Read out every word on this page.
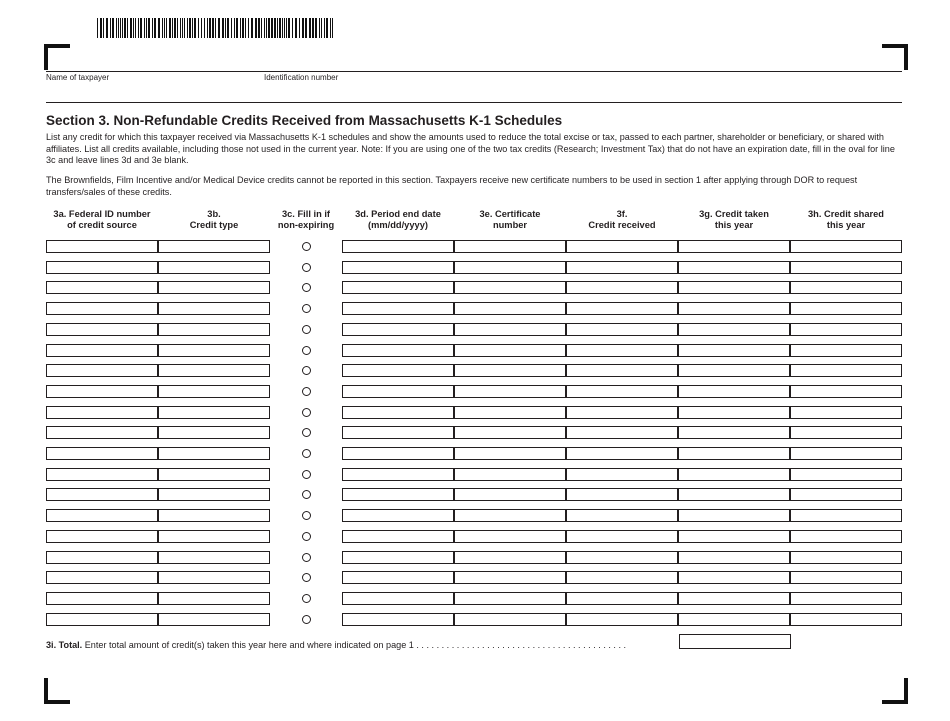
Name of taxpayer	Identification number
Section 3. Non-Refundable Credits Received from Massachusetts K-1 Schedules
List any credit for which this taxpayer received via Massachusetts K-1 schedules and show the amounts used to reduce the total excise or tax, passed to each partner, shareholder or beneficiary, or shared with affiliates. List all credits available, including those not used in the current year. Note: If you are using one of the two tax credits (Research; Investment Tax) that do not have an expiration date, fill in the oval for line 3c and leave lines 3d and 3e blank.
The Brownfields, Film Incentive and/or Medical Device credits cannot be reported in this section. Taxpayers receive new certificate numbers to be used in section 1 after applying through DOR to request transfers/sales of these credits.
3a. Federal ID number
of credit source
3b.
Credit type
3c. Fill in if
non-expiring
3d. Period end date
(mm/dd/yyyy)
3e. Certificate
number
3f.
Credit received
3g. Credit taken
this year
3h. Credit shared
this year
3i. Total. Enter total amount of credit(s) taken this year here and where indicated on page 1 . . . . . . . . . . . . . . . . . . . . . . . . . . . . . . . . . . . . . . . . . .
